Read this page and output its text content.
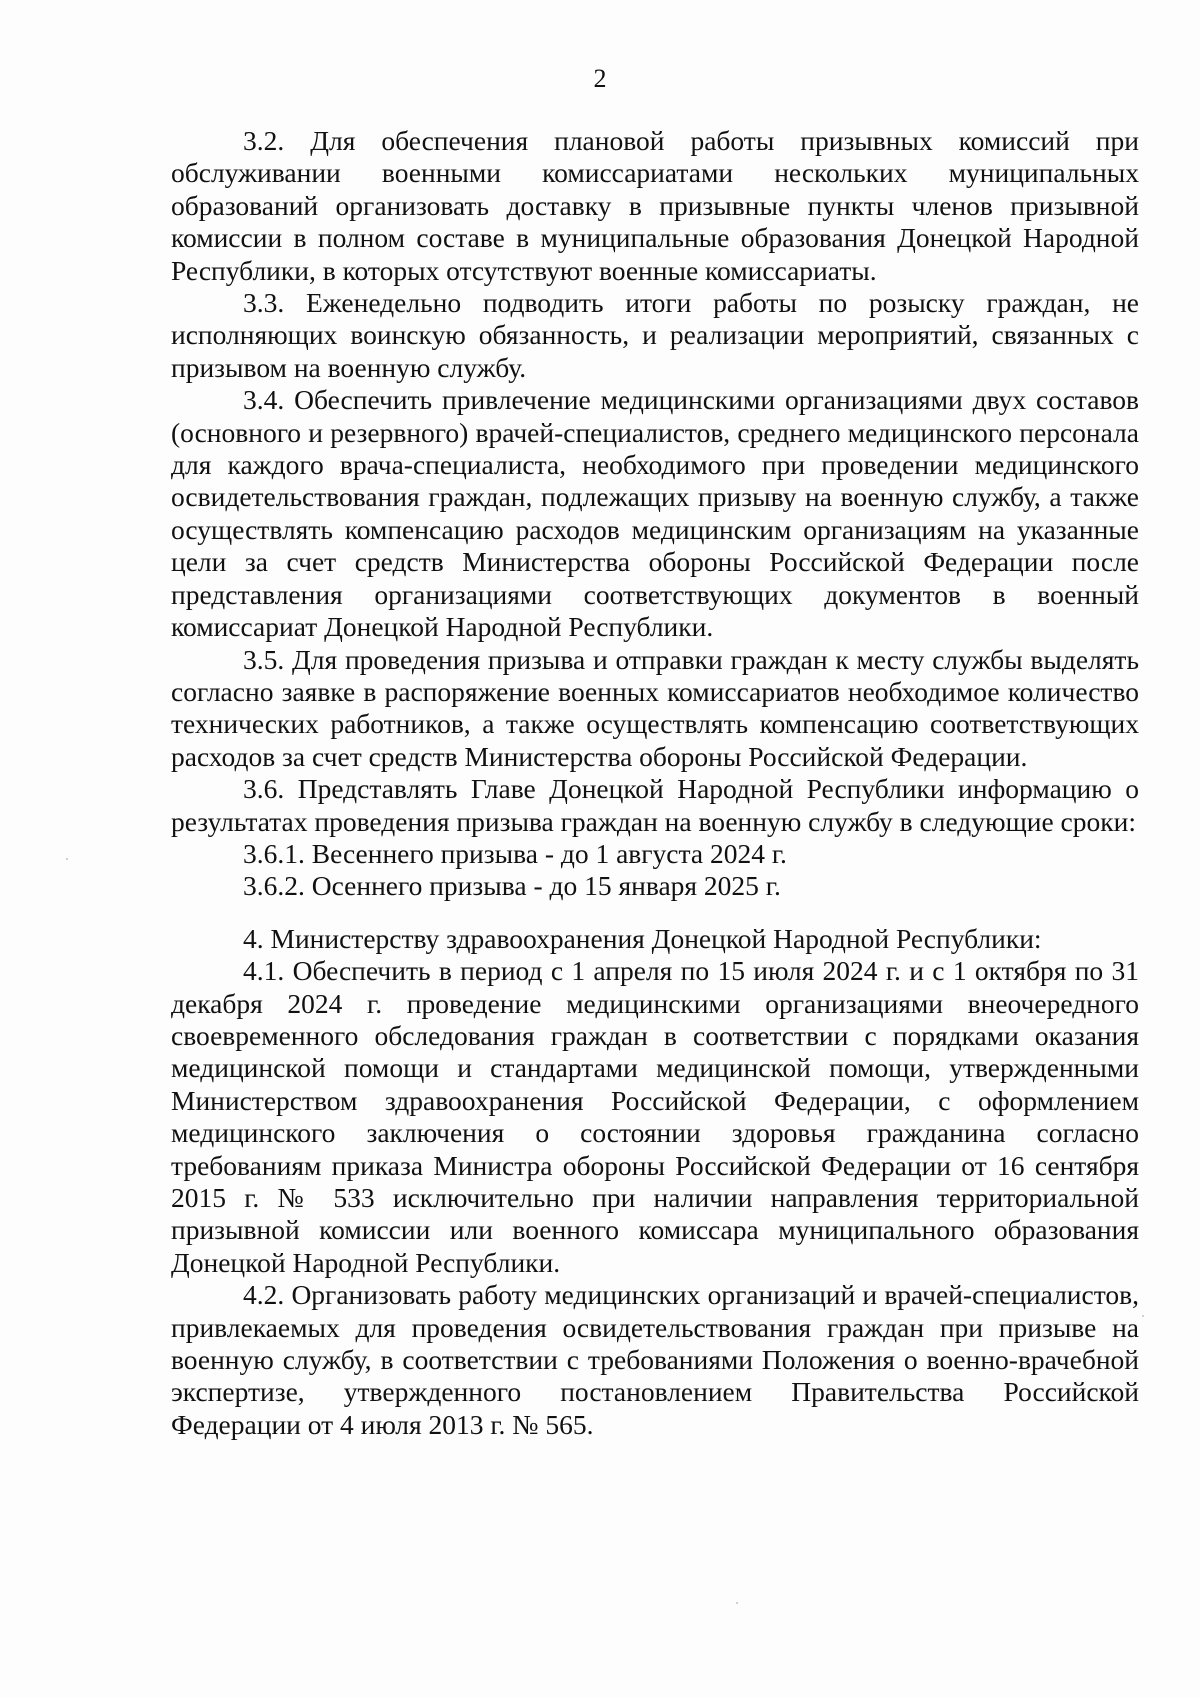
2

3.2. Для обеспечения плановой работы призывных комиссий при обслуживании военными комиссариатами нескольких муниципальных образований организовать доставку в призывные пункты членов призывной комиссии в полном составе в муниципальные образования Донецкой Народной Республики, в которых отсутствуют военные комиссариаты.

3.3. Еженедельно подводить итоги работы по розыску граждан, не исполняющих воинскую обязанность, и реализации мероприятий, связанных с призывом на военную службу.

3.4. Обеспечить привлечение медицинскими организациями двух составов (основного и резервного) врачей-специалистов, среднего медицинского персонала для каждого врача-специалиста, необходимого при проведении медицинского освидетельствования граждан, подлежащих призыву на военную службу, а также осуществлять компенсацию расходов медицинским организациям на указанные цели за счет средств Министерства обороны Российской Федерации после представления организациями соответствующих документов в военный комиссариат Донецкой Народной Республики.

3.5. Для проведения призыва и отправки граждан к месту службы выделять согласно заявке в распоряжение военных комиссариатов необходимое количество технических работников, а также осуществлять компенсацию соответствующих расходов за счет средств Министерства обороны Российской Федерации.

3.6. Представлять Главе Донецкой Народной Республики информацию о результатах проведения призыва граждан на военную службу в следующие сроки:

3.6.1. Весеннего призыва - до 1 августа 2024 г.

3.6.2. Осеннего призыва - до 15 января 2025 г.

4. Министерству здравоохранения Донецкой Народной Республики:

4.1. Обеспечить в период с 1 апреля по 15 июля 2024 г. и с 1 октября по 31 декабря 2024 г. проведение медицинскими организациями внеочередного своевременного обследования граждан в соответствии с порядками оказания медицинской помощи и стандартами медицинской помощи, утвержденными Министерством здравоохранения Российской Федерации, с оформлением медицинского заключения о состоянии здоровья гражданина согласно требованиям приказа Министра обороны Российской Федерации от 16 сентября 2015 г. № 533 исключительно при наличии направления территориальной призывной комиссии или военного комиссара муниципального образования Донецкой Народной Республики.

4.2. Организовать работу медицинских организаций и врачей-специалистов, привлекаемых для проведения освидетельствования граждан при призыве на военную службу, в соответствии с требованиями Положения о военно-врачебной экспертизе, утвержденного постановлением Правительства Российской Федерации от 4 июля 2013 г. № 565.
